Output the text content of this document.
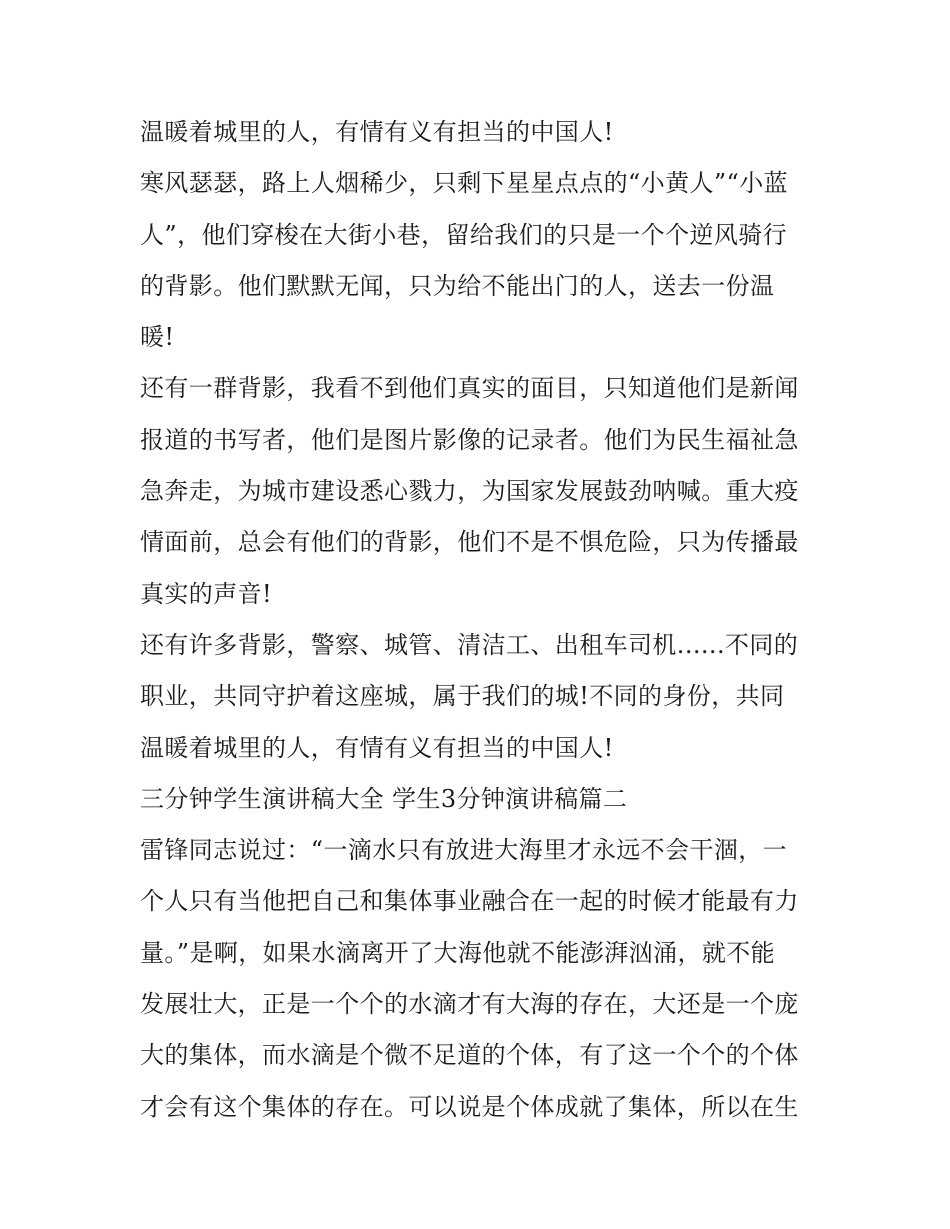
温暖着城里的人，有情有义有担当的中国人!
寒风瑟瑟，路上人烟稀少，只剩下星星点点的“小黄人”“小蓝
人”，他们穿梭在大街小巷，留给我们的只是一个个逆风骑行
的背影。他们默默无闻，只为给不能出门的人，送去一份温
暖!
还有一群背影，我看不到他们真实的面目，只知道他们是新闻
报道的书写者，他们是图片影像的记录者。他们为民生福祉急
急奔走，为城市建设悉心戮力，为国家发展鼓劲呐喊。重大疫
情面前，总会有他们的背影，他们不是不惧危险，只为传播最
真实的声音!
还有许多背影，警察、城管、清洁工、出租车司机......不同的
职业，共同守护着这座城，属于我们的城!不同的身份，共同
温暖着城里的人，有情有义有担当的中国人!
三分钟学生演讲稿大全 学生3分钟演讲稿篇二
雷锋同志说过：“一滴水只有放进大海里才永远不会干涸，一
个人只有当他把自己和集体事业融合在一起的时候才能最有力
量。”是啊，如果水滴离开了大海他就不能澎湃汹涌，就不能
发展壮大，正是一个个的水滴才有大海的存在，大还是一个庞
大的集体，而水滴是个微不足道的个体，有了这一个个的个体
才会有这个集体的存在。可以说是个体成就了集体，所以在生
